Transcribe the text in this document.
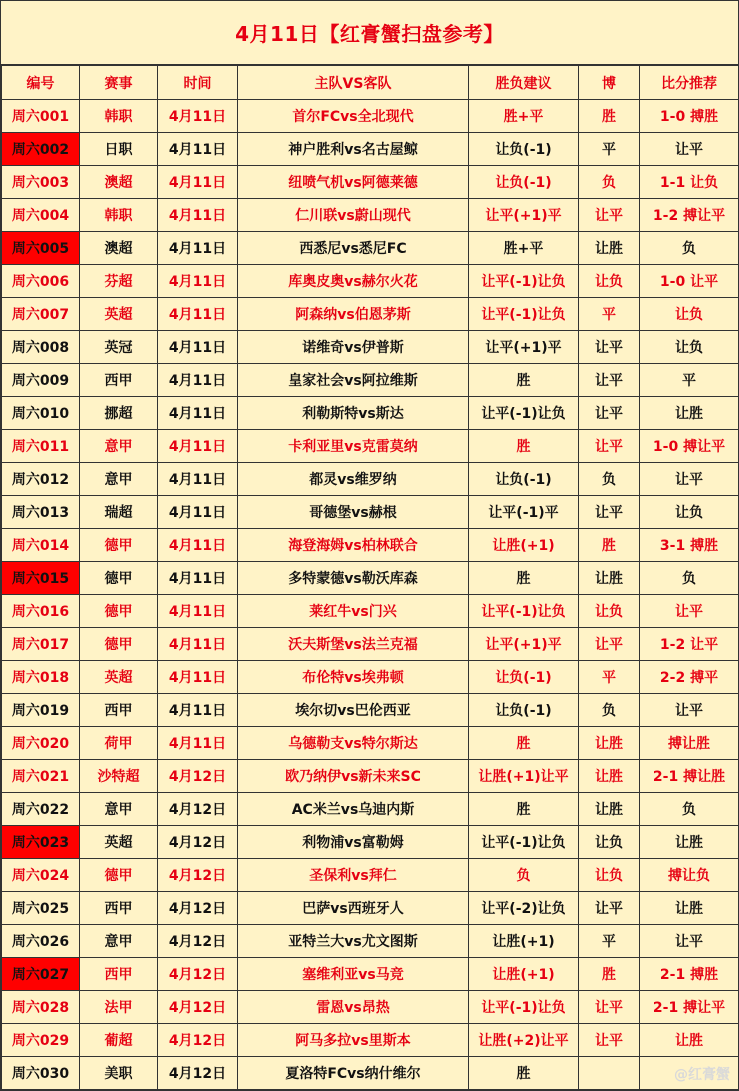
4月11日【红膏蟹扫盘参考】
编号	赛事	时间	主队VS客队	胜负建议	博	比分推荐
周六001	韩职	4月11日	首尔FCvs全北现代	胜+平	胜	1-0 搏胜
周六002	日职	4月11日	神户胜利vs名古屋鲸	让负(-1)	平	让平
周六003	澳超	4月11日	纽喷气机vs阿德莱德	让负(-1)	负	1-1 让负
周六004	韩职	4月11日	仁川联vs蔚山现代	让平(+1)平	让平	1-2 搏让平
周六005	澳超	4月11日	西悉尼vs悉尼FC	胜+平	让胜	负
周六006	芬超	4月11日	库奥皮奥vs赫尔火花	让平(-1)让负	让负	1-0 让平
周六007	英超	4月11日	阿森纳vs伯恩茅斯	让平(-1)让负	平	让负
周六008	英冠	4月11日	诺维奇vs伊普斯	让平(+1)平	让平	让负
周六009	西甲	4月11日	皇家社会vs阿拉维斯	胜	让平	平
周六010	挪超	4月11日	利勒斯特vs斯达	让平(-1)让负	让平	让胜
周六011	意甲	4月11日	卡利亚里vs克雷莫纳	胜	让平	1-0 搏让平
周六012	意甲	4月11日	都灵vs维罗纳	让负(-1)	负	让平
周六013	瑞超	4月11日	哥德堡vs赫根	让平(-1)平	让平	让负
周六014	德甲	4月11日	海登海姆vs柏林联合	让胜(+1)	胜	3-1 搏胜
周六015	德甲	4月11日	多特蒙德vs勒沃库森	胜	让胜	负
周六016	德甲	4月11日	莱红牛vs门兴	让平(-1)让负	让负	让平
周六017	德甲	4月11日	沃夫斯堡vs法兰克福	让平(+1)平	让平	1-2 让平
周六018	英超	4月11日	布伦特vs埃弗顿	让负(-1)	平	2-2 搏平
周六019	西甲	4月11日	埃尔切vs巴伦西亚	让负(-1)	负	让平
周六020	荷甲	4月11日	乌德勒支vs特尔斯达	胜	让胜	搏让胜
周六021	沙特超	4月12日	欧乃纳伊vs新未来SC	让胜(+1)让平	让胜	2-1 搏让胜
周六022	意甲	4月12日	AC米兰vs乌迪内斯	胜	让胜	负
周六023	英超	4月12日	利物浦vs富勒姆	让平(-1)让负	让负	让胜
周六024	德甲	4月12日	圣保利vs拜仁	负	让负	搏让负
周六025	西甲	4月12日	巴萨vs西班牙人	让平(-2)让负	让平	让胜
周六026	意甲	4月12日	亚特兰大vs尤文图斯	让胜(+1)	平	让平
周六027	西甲	4月12日	塞维利亚vs马竞	让胜(+1)	胜	2-1 搏胜
周六028	法甲	4月12日	雷恩vs昂热	让平(-1)让负	让平	2-1 搏让平
周六029	葡超	4月12日	阿马多拉vs里斯本	让胜(+2)让平	让平	让胜
周六030	美职	4月12日	夏洛特FCvs纳什维尔	胜			@红膏蟹
